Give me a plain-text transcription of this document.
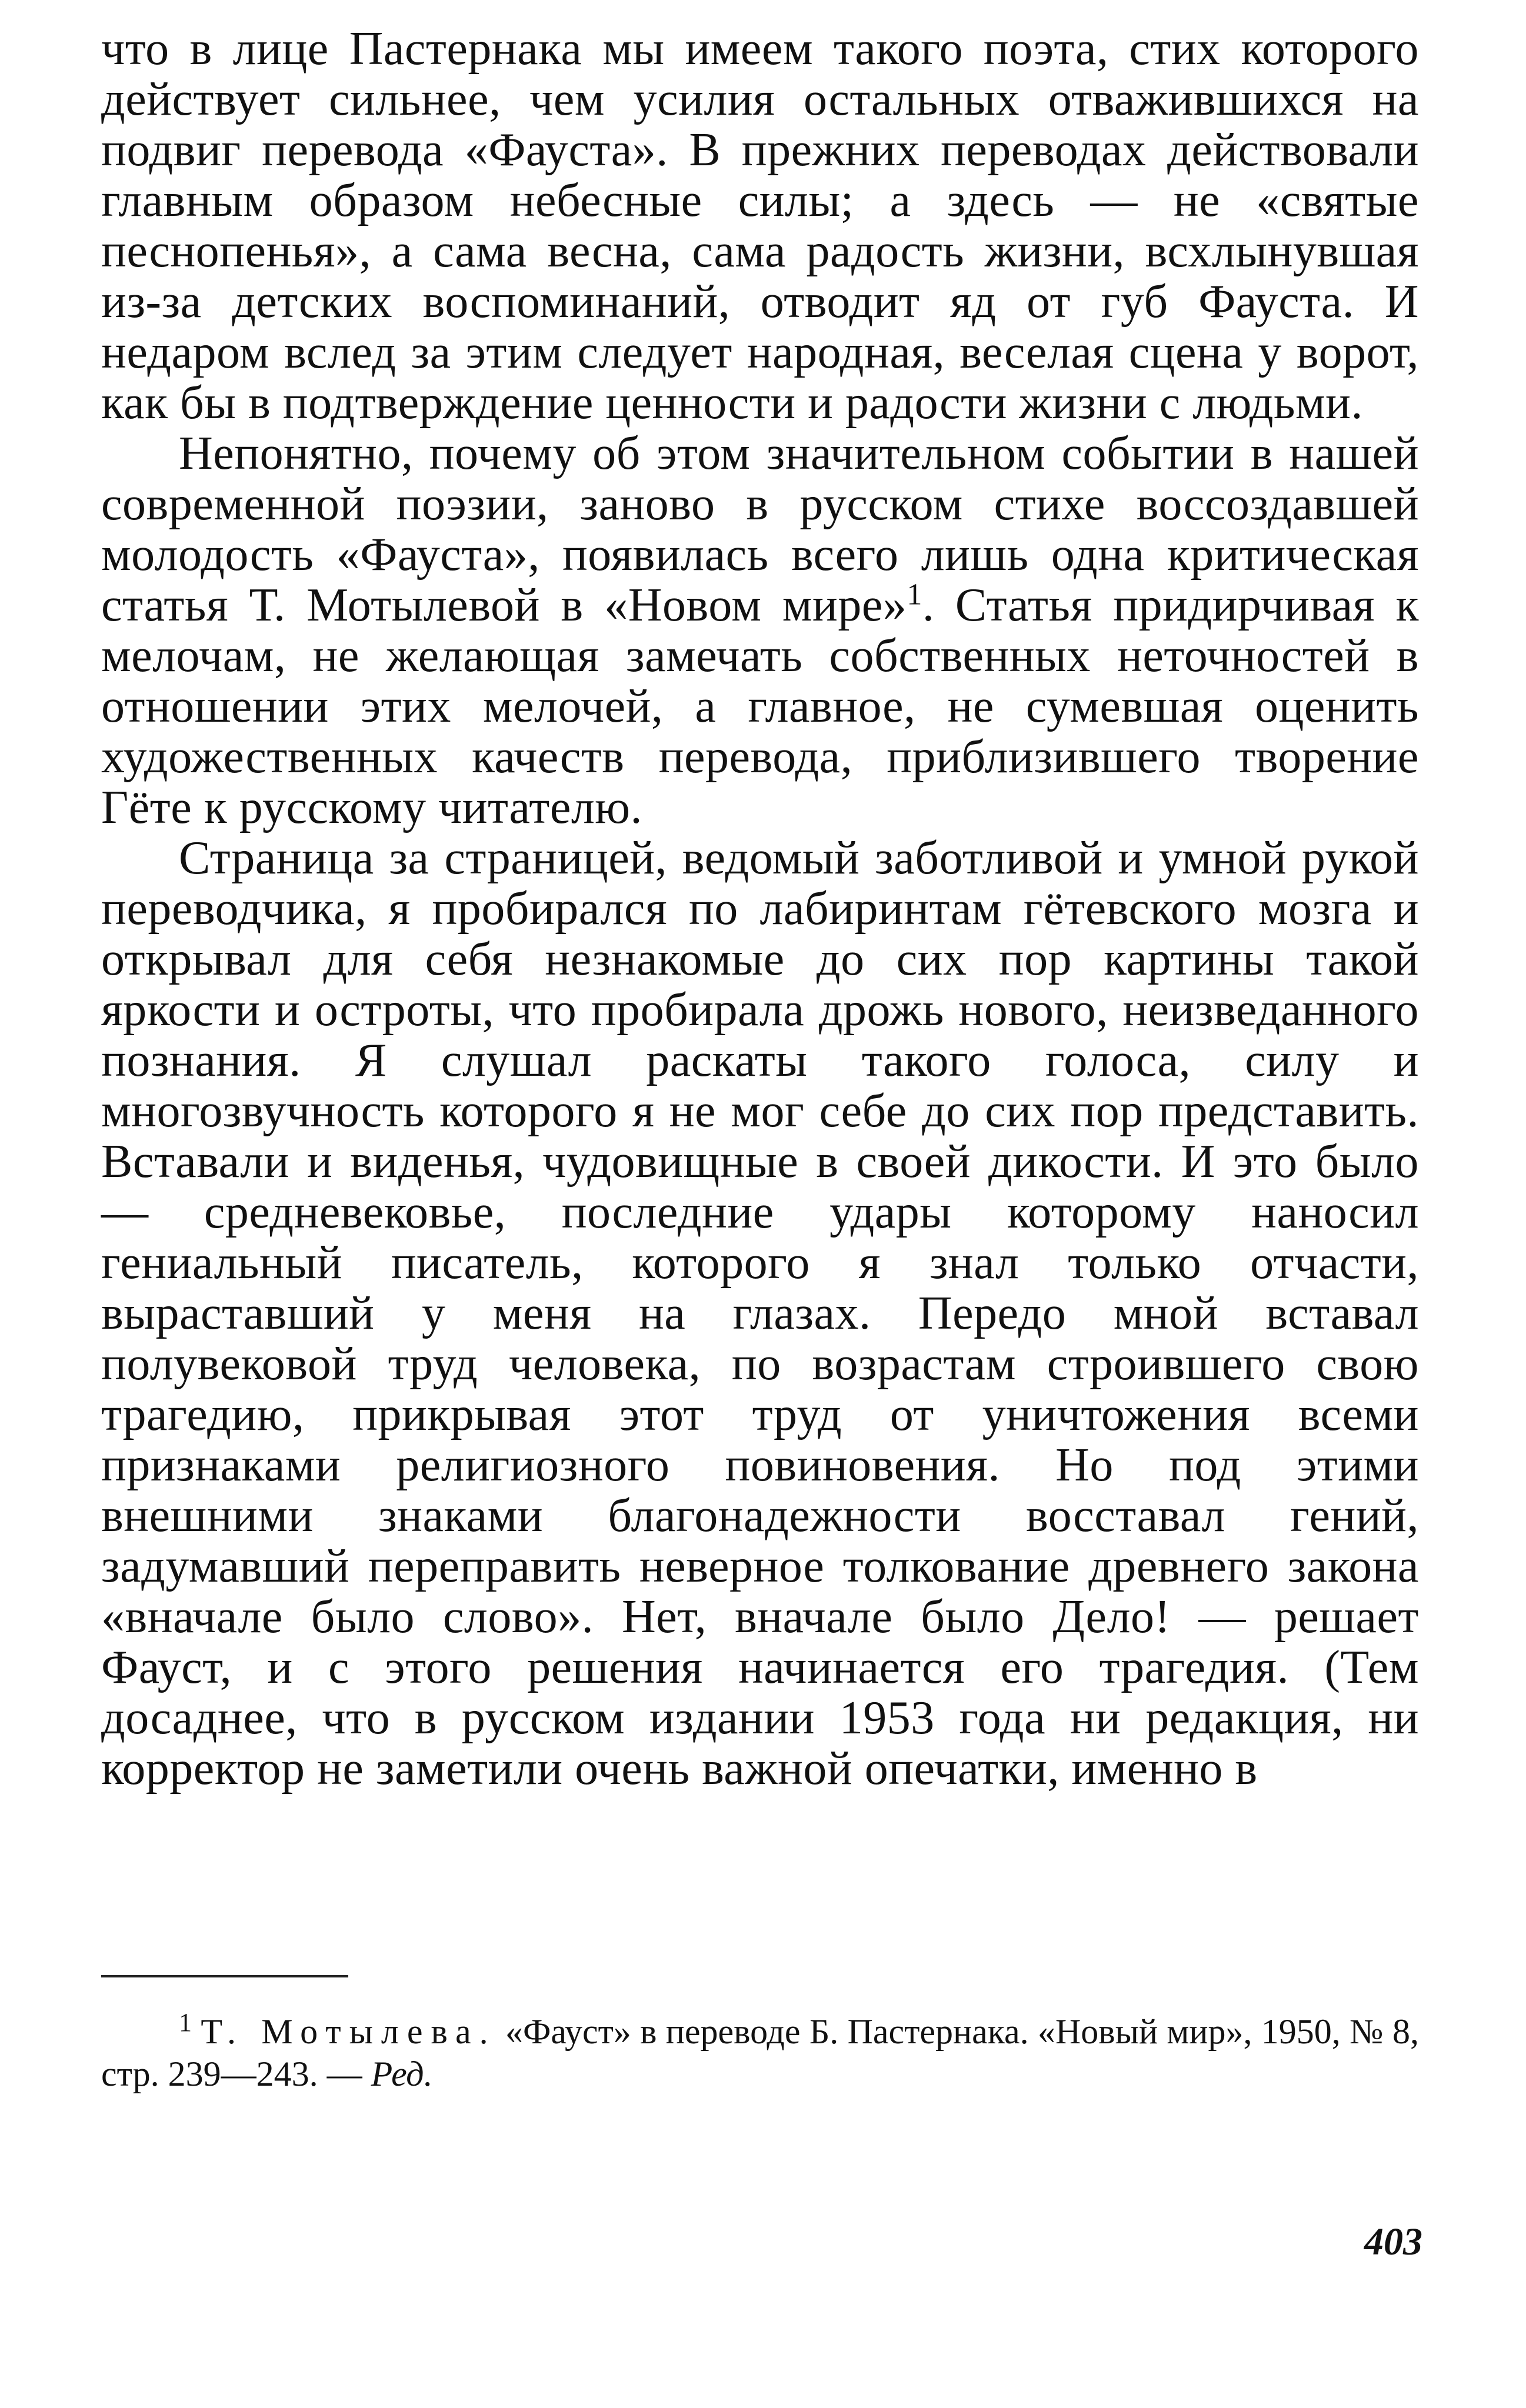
что в лице Пастернака мы имеем такого поэта, стих которого действует сильнее, чем усилия остальных отважившихся на подвиг перевода «Фауста». В прежних переводах действовали главным образом небесные силы; а здесь — не «святые песнопенья», а сама весна, сама радость жизни, всхлынувшая из-за детских воспоминаний, отводит яд от губ Фауста. И недаром вслед за этим следует народная, веселая сцена у ворот, как бы в подтверждение ценности и радости жизни с людьми.

Непонятно, почему об этом значительном событии в нашей современной поэзии, заново в русском стихе воссоздавшей молодость «Фауста», появилась всего лишь одна критическая статья Т. Мотылевой в «Новом мире»$^1$. Статья придирчивая к мелочам, не желающая замечать собственных неточностей в отношении этих мелочей, а главное, не сумевшая оценить художественных качеств перевода, приблизившего творение Гёте к русскому читателю.

Страница за страницей, ведомый заботливой и умной рукой переводчика, я пробирался по лабиринтам гётевского мозга и открывал для себя незнакомые до сих пор картины такой яркости и остроты, что пробирала дрожь нового, неизведанного познания. Я слушал раскаты такого голоса, силу и многозвучность которого я не мог себе до сих пор представить. Вставали и виденья, чудовищные в своей дикости. И это было — средневековье, последние удары которому наносил гениальный писатель, которого я знал только отчасти, выраставший у меня на глазах. Передо мной вставал полувековой труд человека, по возрастам строившего свою трагедию, прикрывая этот труд от уничтожения всеми признаками религиозного повиновения. Но под этими внешними знаками благонадежности восставал гений, задумавший переправить неверное толкование древнего закона «вначале было слово». Нет, вначале было Дело! — решает Фауст, и с этого решения начинается его трагедия. (Тем досаднее, что в русском издании 1953 года ни редакция, ни корректор не заметили очень важной опечатки, именно в

$^1$ Т. Мотылева. «Фауст» в переводе Б. Пастернака. «Новый мир», 1950, № 8, стр. 239—243. — Ред.
403
